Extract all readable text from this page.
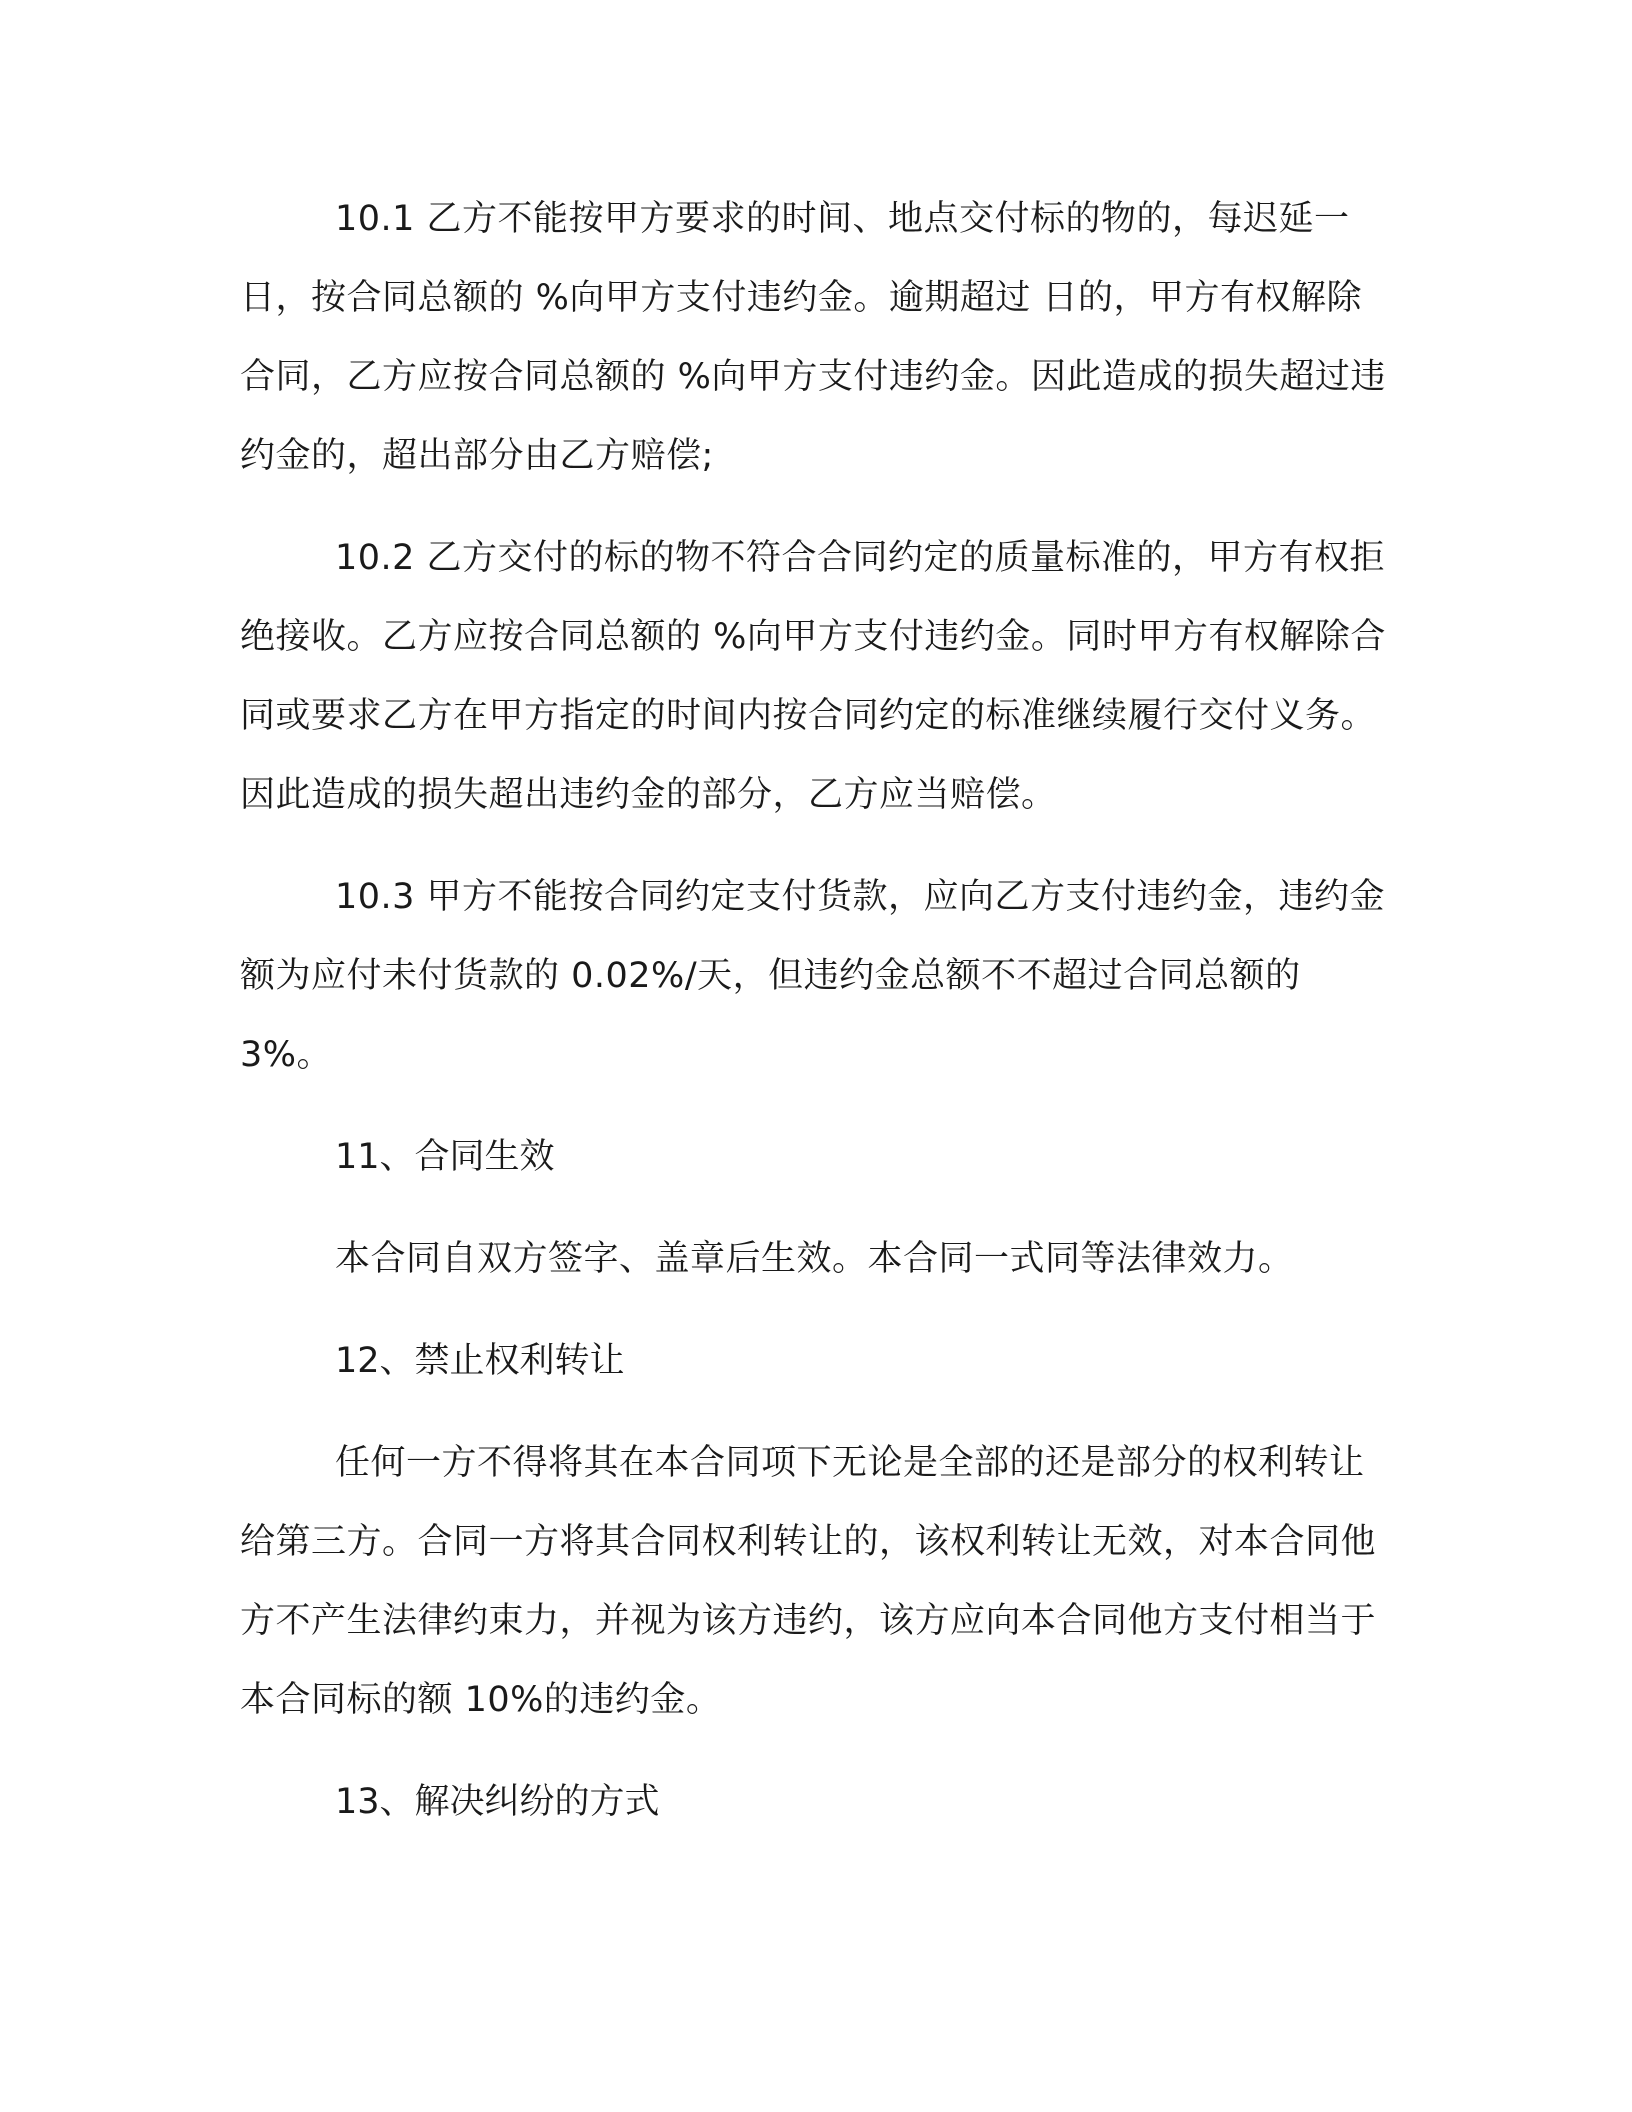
10.1 乙方不能按甲方要求的时间、地点交付标的物的，每迟延一日，按合同总额的 %向甲方支付违约金。逾期超过 日的，甲方有权解除合同，乙方应按合同总额的 %向甲方支付违约金。因此造成的损失超过违约金的，超出部分由乙方赔偿;

10.2 乙方交付的标的物不符合合同约定的质量标准的，甲方有权拒绝接收。乙方应按合同总额的 %向甲方支付违约金。同时甲方有权解除合同或要求乙方在甲方指定的时间内按合同约定的标准继续履行交付义务。因此造成的损失超出违约金的部分，乙方应当赔偿。

10.3 甲方不能按合同约定支付货款，应向乙方支付违约金，违约金额为应付未付货款的 0.02%/天，但违约金总额不不超过合同总额的 3%。

11、合同生效

本合同自双方签字、盖章后生效。本合同一式同等法律效力。

12、禁止权利转让

任何一方不得将其在本合同项下无论是全部的还是部分的权利转让给第三方。合同一方将其合同权利转让的，该权利转让无效，对本合同他方不产生法律约束力，并视为该方违约，该方应向本合同他方支付相当于本合同标的额 10%的违约金。

13、解决纠纷的方式
